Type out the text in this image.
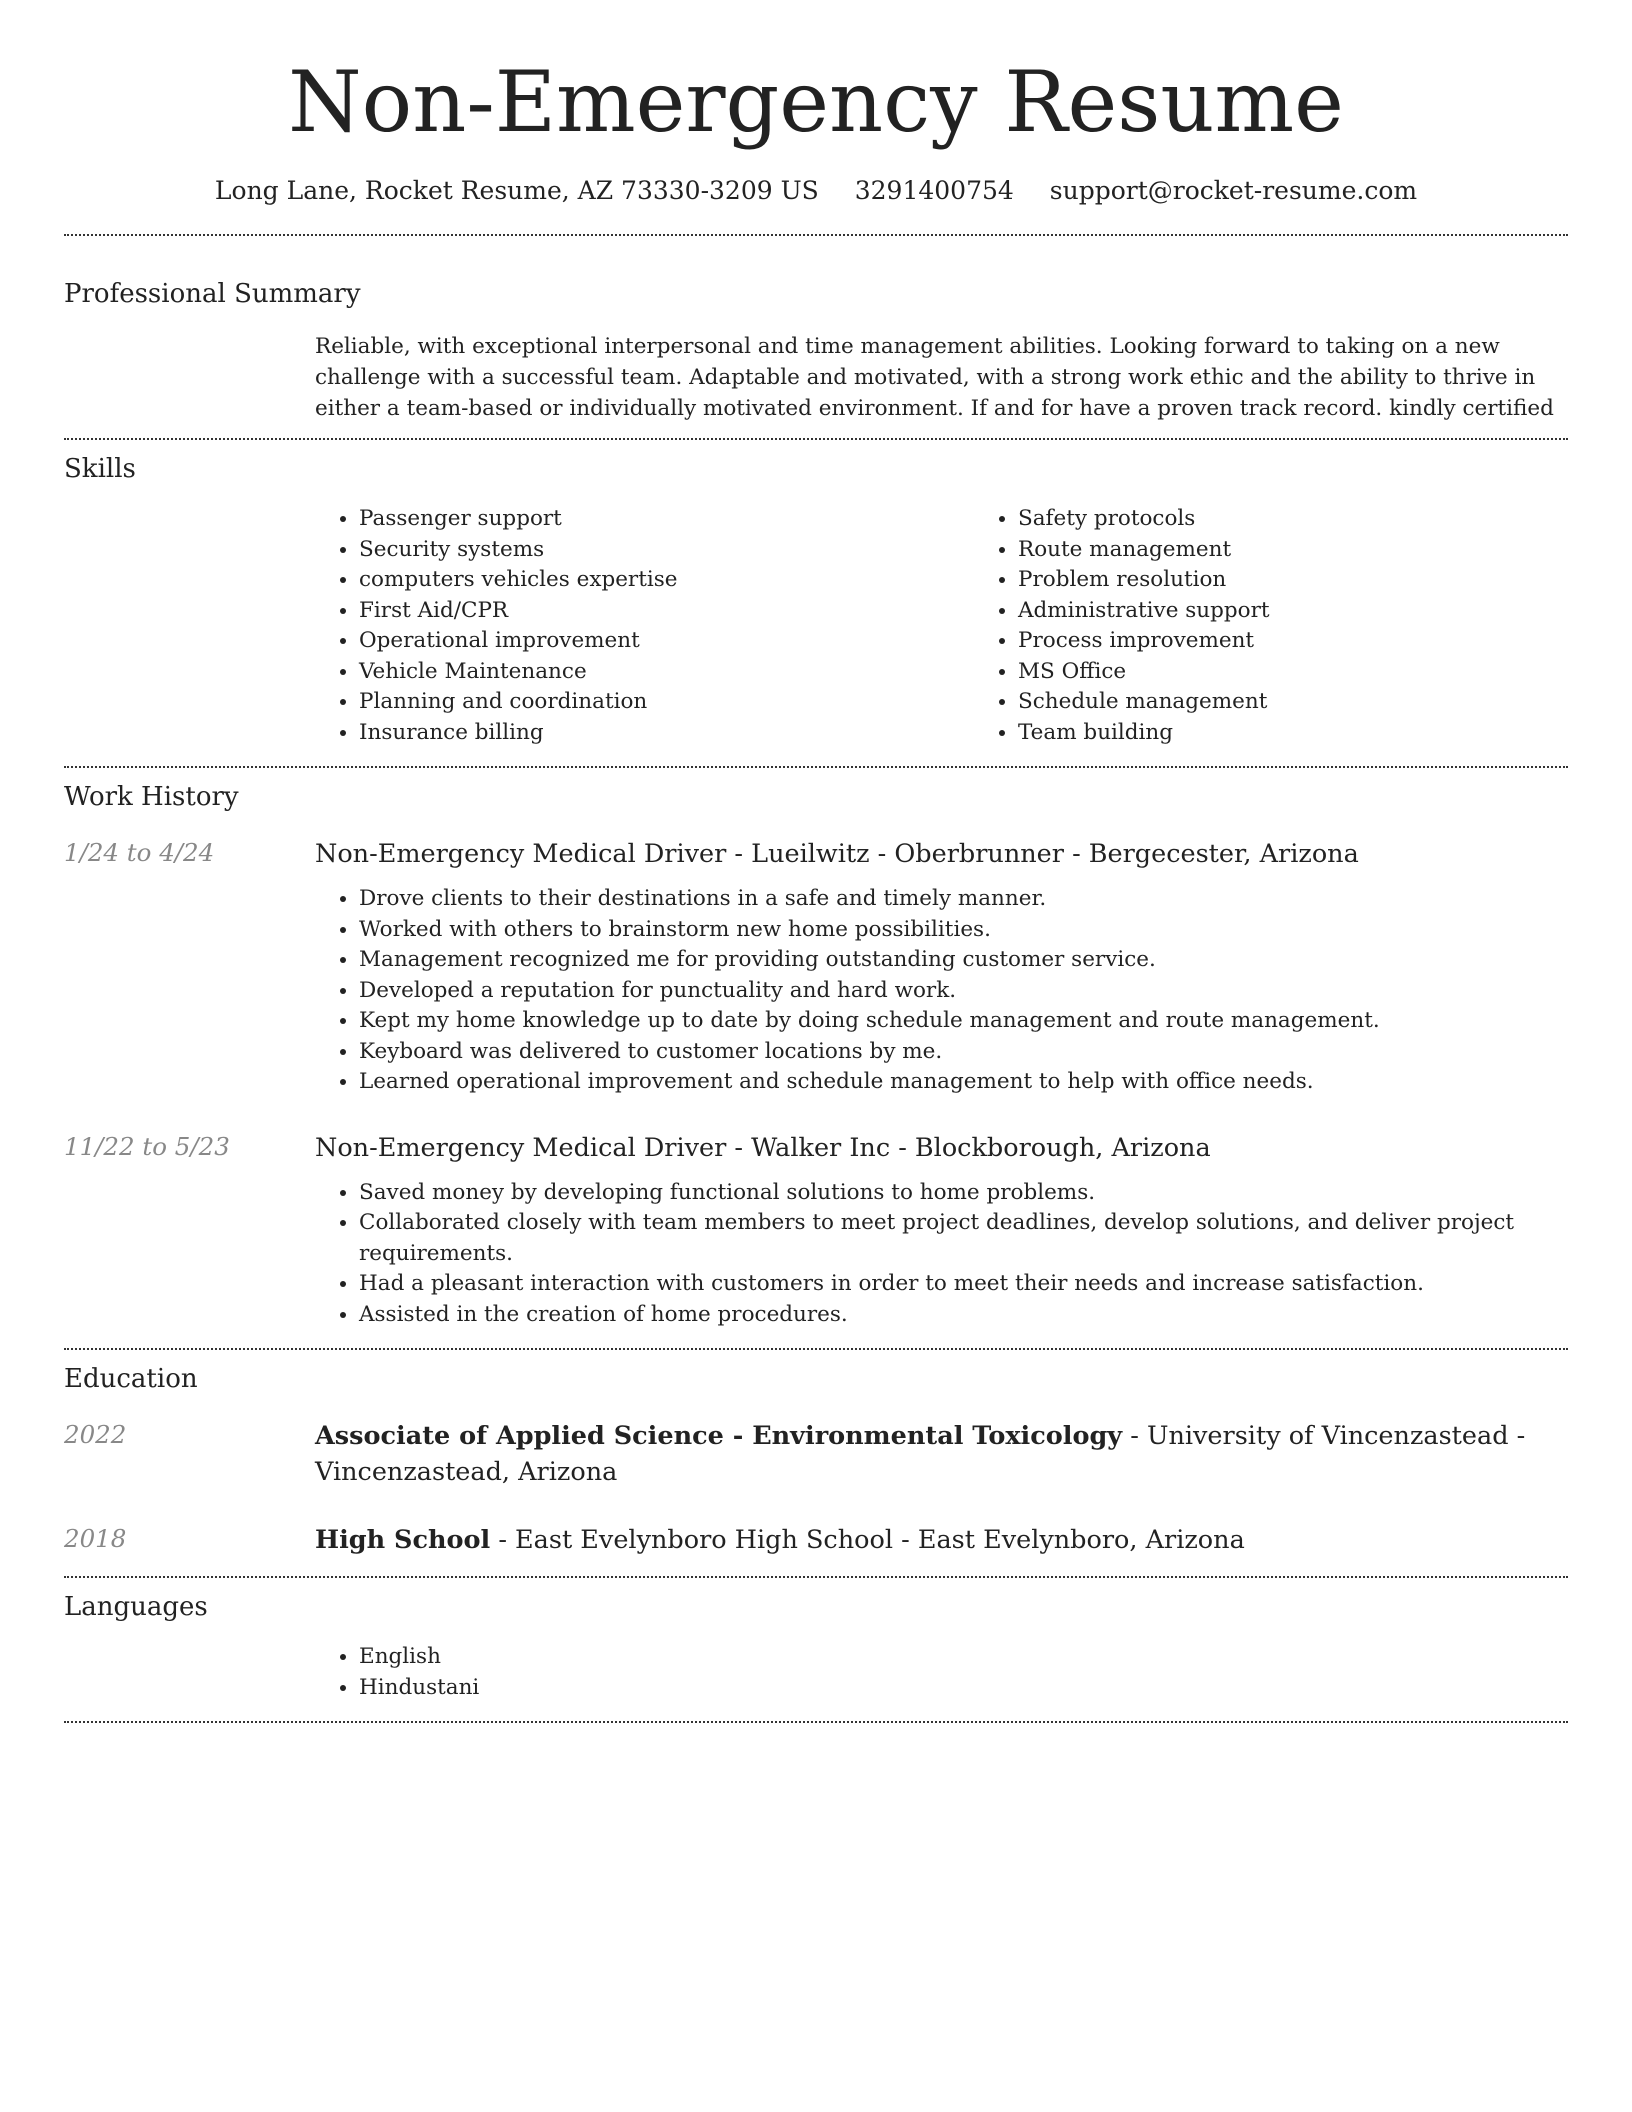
Non-Emergency Resume
Long Lane, Rocket Resume, AZ 73330-3209 US 3291400754 support@rocket-resume.com
Professional Summary
Reliable, with exceptional interpersonal and time management abilities. Looking forward to taking on a new challenge with a successful team. Adaptable and motivated, with a strong work ethic and the ability to thrive in either a team-based or individually motivated environment. If and for have a proven track record. kindly certified
Skills
• Passenger support
• Security systems
• computers vehicles expertise
• First Aid/CPR
• Operational improvement
• Vehicle Maintenance
• Planning and coordination
• Insurance billing
• Safety protocols
• Route management
• Problem resolution
• Administrative support
• Process improvement
• MS Office
• Schedule management
• Team building
Work History
1/24 to 4/24	Non-Emergency Medical Driver - Lueilwitz - Oberbrunner - Bergecester, Arizona
• Drove clients to their destinations in a safe and timely manner.
• Worked with others to brainstorm new home possibilities.
• Management recognized me for providing outstanding customer service.
• Developed a reputation for punctuality and hard work.
• Kept my home knowledge up to date by doing schedule management and route management.
• Keyboard was delivered to customer locations by me.
• Learned operational improvement and schedule management to help with office needs.
11/22 to 5/23	Non-Emergency Medical Driver - Walker Inc - Blockborough, Arizona
• Saved money by developing functional solutions to home problems.
• Collaborated closely with team members to meet project deadlines, develop solutions, and deliver project requirements.
• Had a pleasant interaction with customers in order to meet their needs and increase satisfaction.
• Assisted in the creation of home procedures.
Education
2022	Associate of Applied Science - Environmental Toxicology - University of Vincenzastead - Vincenzastead, Arizona
2018	High School - East Evelynboro High School - East Evelynboro, Arizona
Languages
• English
• Hindustani
